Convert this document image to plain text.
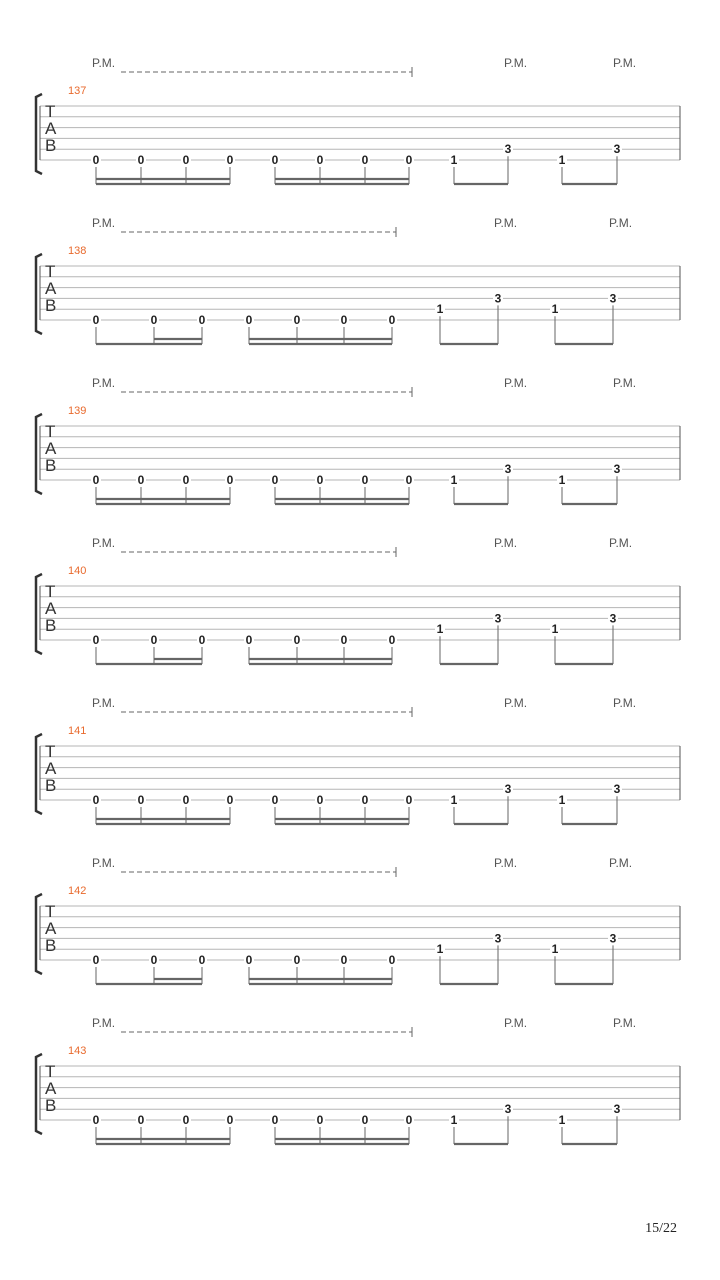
P.M.	P.M.	P.M.
137
T
A
B
0	0	0	0	0	0	0	0	1
3
1
3
P.M.	P.M.	P.M.
138
T
A
B
0	0	0	0	0	0	0
1
3
1
3
P.M.	P.M.	P.M.
139
T
A
B
0	0	0	0	0	0	0	0	1
3
1
3
P.M.	P.M.	P.M.
140
T
A
B
0	0	0	0	0	0	0
1
3
1
3
P.M.	P.M.	P.M.
141
T
A
B
0	0	0	0	0	0	0	0	1
3
1
3
P.M.	P.M.	P.M.
142
T
A
B
0	0	0	0	0	0	0
1
3
1
3
P.M.	P.M.	P.M.
143
T
A
B
0	0	0	0	0	0	0	0	1
3
1
3
15/22
